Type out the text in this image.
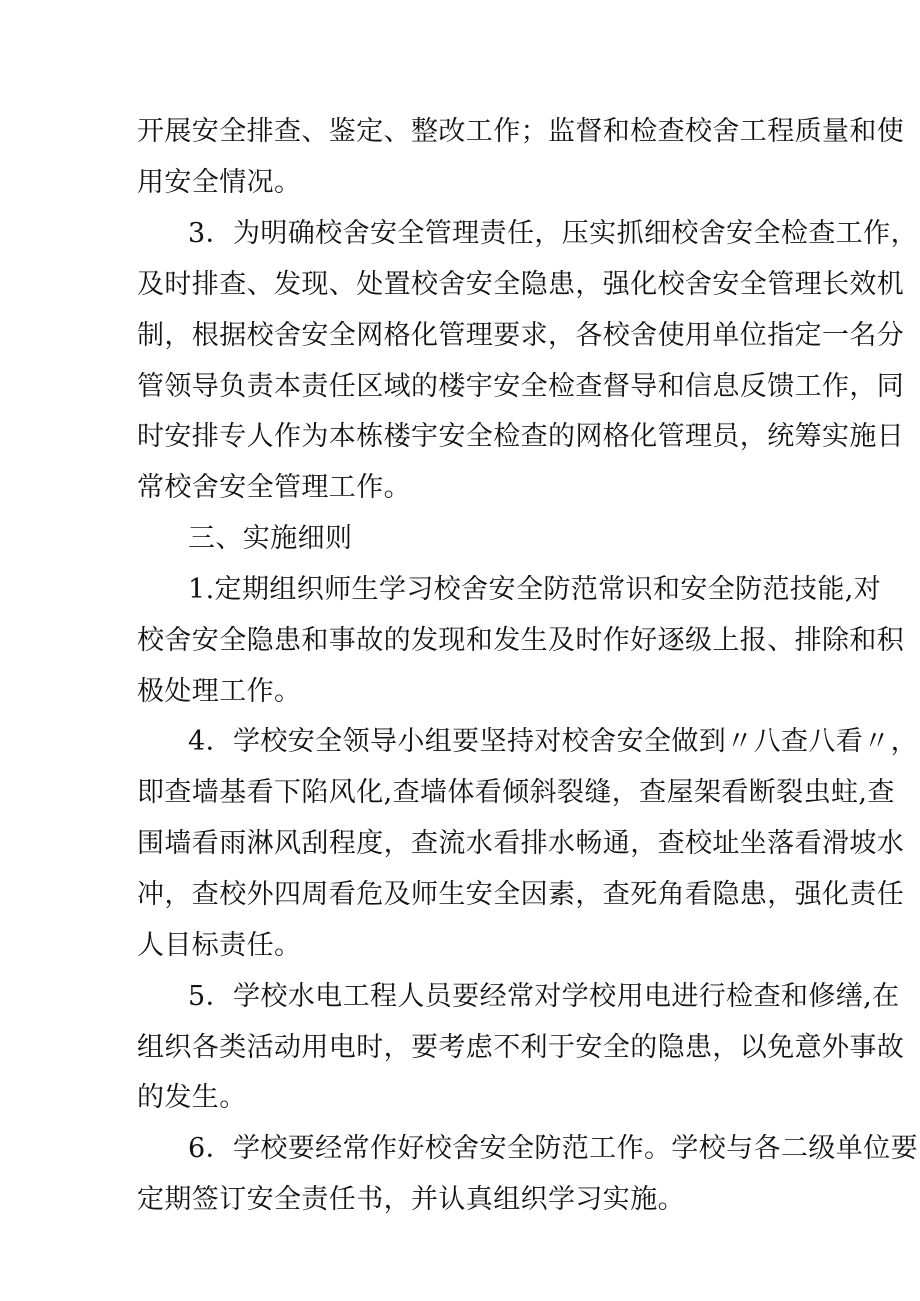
开展安全排查、鉴定、整改工作；监督和检查校舍工程质量和使
用安全情况。
3．为明确校舍安全管理责任，压实抓细校舍安全检查工作，
及时排查、发现、处置校舍安全隐患，强化校舍安全管理长效机
制，根据校舍安全网格化管理要求，各校舍使用单位指定一名分
管领导负责本责任区域的楼宇安全检查督导和信息反馈工作，同
时安排专人作为本栋楼宇安全检查的网格化管理员，统筹实施日
常校舍安全管理工作。
三、实施细则
1.定期组织师生学习校舍安全防范常识和安全防范技能,对
校舍安全隐患和事故的发现和发生及时作好逐级上报、排除和积
极处理工作。
4．学校安全领导小组要坚持对校舍安全做到〃八查八看〃，
即查墙基看下陷风化,查墙体看倾斜裂缝，查屋架看断裂虫蛀,查
围墙看雨淋风刮程度，查流水看排水畅通，查校址坐落看滑坡水
冲，查校外四周看危及师生安全因素，查死角看隐患，强化责任
人目标责任。
5．学校水电工程人员要经常对学校用电进行检查和修缮,在
组织各类活动用电时，要考虑不利于安全的隐患，以免意外事故
的发生。
6．学校要经常作好校舍安全防范工作。学校与各二级单位要
定期签订安全责任书，并认真组织学习实施。
